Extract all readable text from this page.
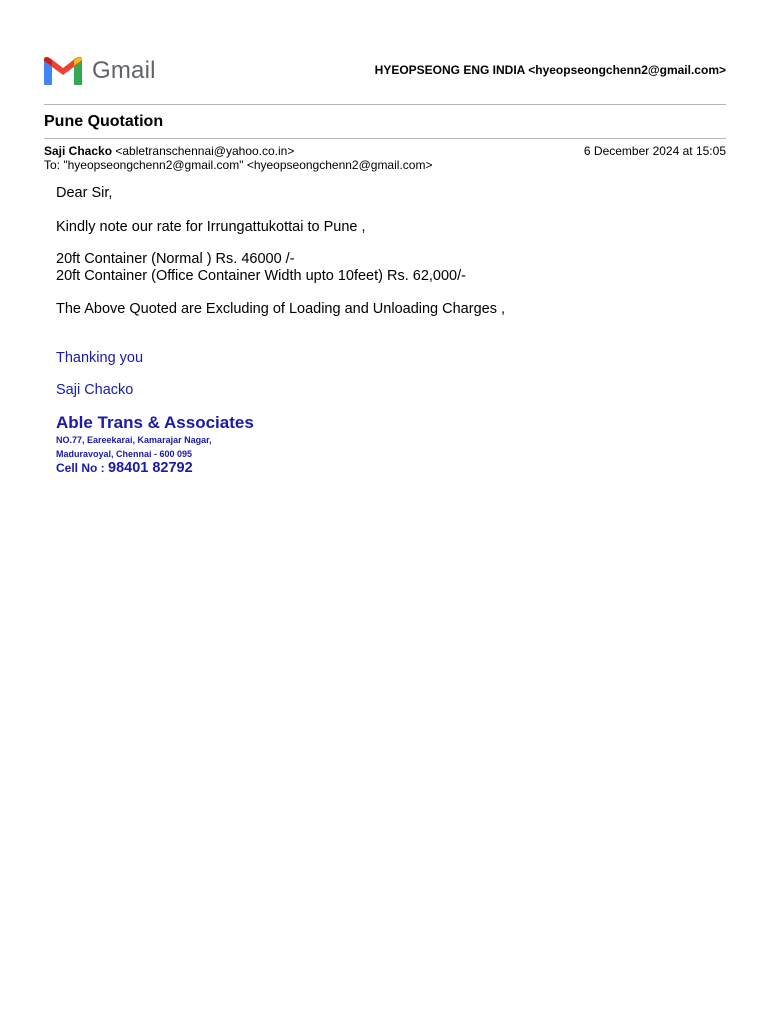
Gmail	HYEOPSEONG ENG INDIA <hyeopseongchenn2@gmail.com>
Pune Quotation
Saji Chacko <abletranschennai@yahoo.co.in>	6 December 2024 at 15:05
To: "hyeopseongchenn2@gmail.com" <hyeopseongchenn2@gmail.com>

Dear Sir,

Kindly note our rate for Irrungattukottai to Pune ,

20ft Container (Normal ) Rs. 46000 /-

20ft Container (Office Container Width upto 10feet) Rs. 62,000/-

The Above Quoted are Excluding of Loading and Unloading Charges ,

Thanking you

Saji Chacko

Able Trans & Associates

NO.77, Eareekarai, Kamarajar Nagar,

Maduravoyal, Chennai - 600 095

Cell No : 98401 82792
